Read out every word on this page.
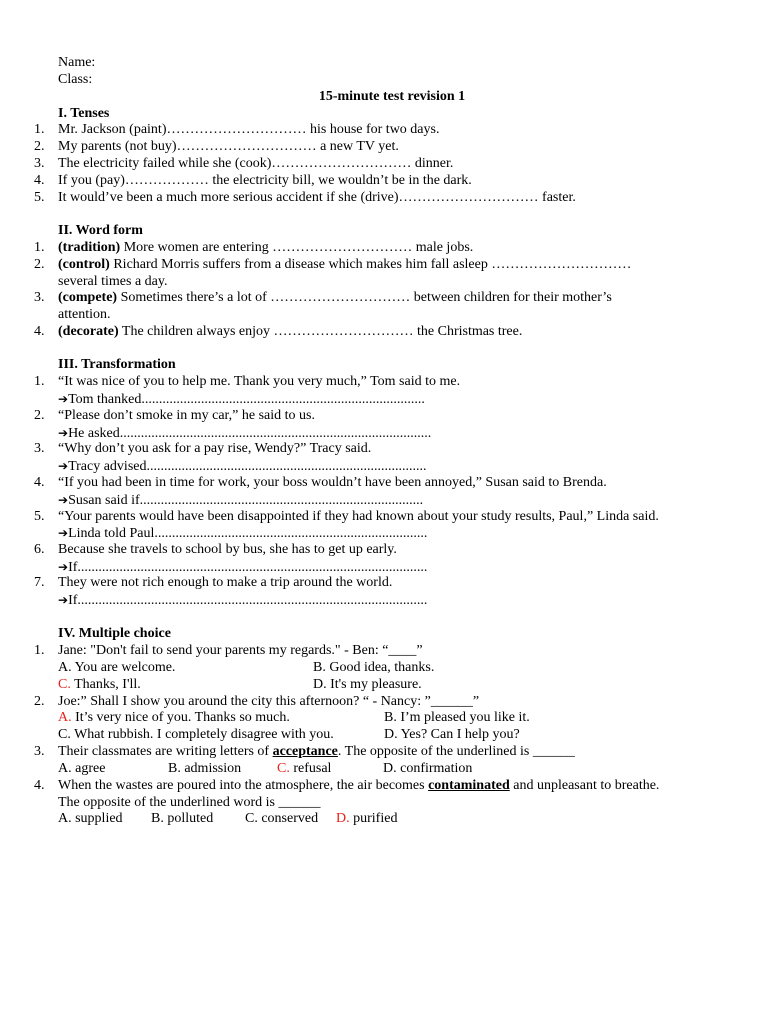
Name:
Class:
15-minute test revision 1
I. Tenses
1. Mr. Jackson (paint)………………………… his house for two days.
2. My parents (not buy)………………………… a new TV yet.
3. The electricity failed while she (cook)………………………… dinner.
4. If you (pay)……………… the electricity bill, we wouldn’t be in the dark.
5. It would’ve been a much more serious accident if she (drive)………………………… faster.
II. Word form
1. (tradition) More women are entering ………………………… male jobs.
2. (control) Richard Morris suffers from a disease which makes him fall asleep …………………………
several times a day.
3. (compete) Sometimes there’s a lot of ………………………… between children for their mother’s
attention.
4. (decorate) The children always enjoy ………………………… the Christmas tree.
III. Transformation
1. “It was nice of you to help me. Thank you very much,” Tom said to me.
➔Tom thanked.................................................................................
2. “Please don’t smoke in my car,” he said to us.
➔He asked.........................................................................................
3. “Why don’t you ask for a pay rise, Wendy?” Tracy said.
➔Tracy advised................................................................................
4. “If you had been in time for work, your boss wouldn’t have been annoyed,” Susan said to Brenda.
➔Susan said if.................................................................................
5. “Your parents would have been disappointed if they had known about your study results, Paul,” Linda said.
➔Linda told Paul..............................................................................
6. Because she travels to school by bus, she has to get up early.
➔If....................................................................................................
7. They were not rich enough to make a trip around the world.
➔If....................................................................................................
IV. Multiple choice
1. Jane: "Don't fail to send your parents my regards." - Ben: “____”
A. You are welcome.	B. Good idea, thanks.
C. Thanks, I'll.	D. It's my pleasure.
2. Joe:” Shall I show you around the city this afternoon? “ - Nancy: ”______”
A. It’s very nice of you. Thanks so much.	B. I’m pleased you like it.
C. What rubbish. I completely disagree with you.	D. Yes? Can I help you?
3. Their classmates are writing letters of acceptance. The opposite of the underlined is ______
A. agree	B. admission	C. refusal	D. confirmation
4. When the wastes are poured into the atmosphere, the air becomes contaminated and unpleasant to breathe.
The opposite of the underlined word is ______
A. supplied B. polluted C. conserved D. purified
